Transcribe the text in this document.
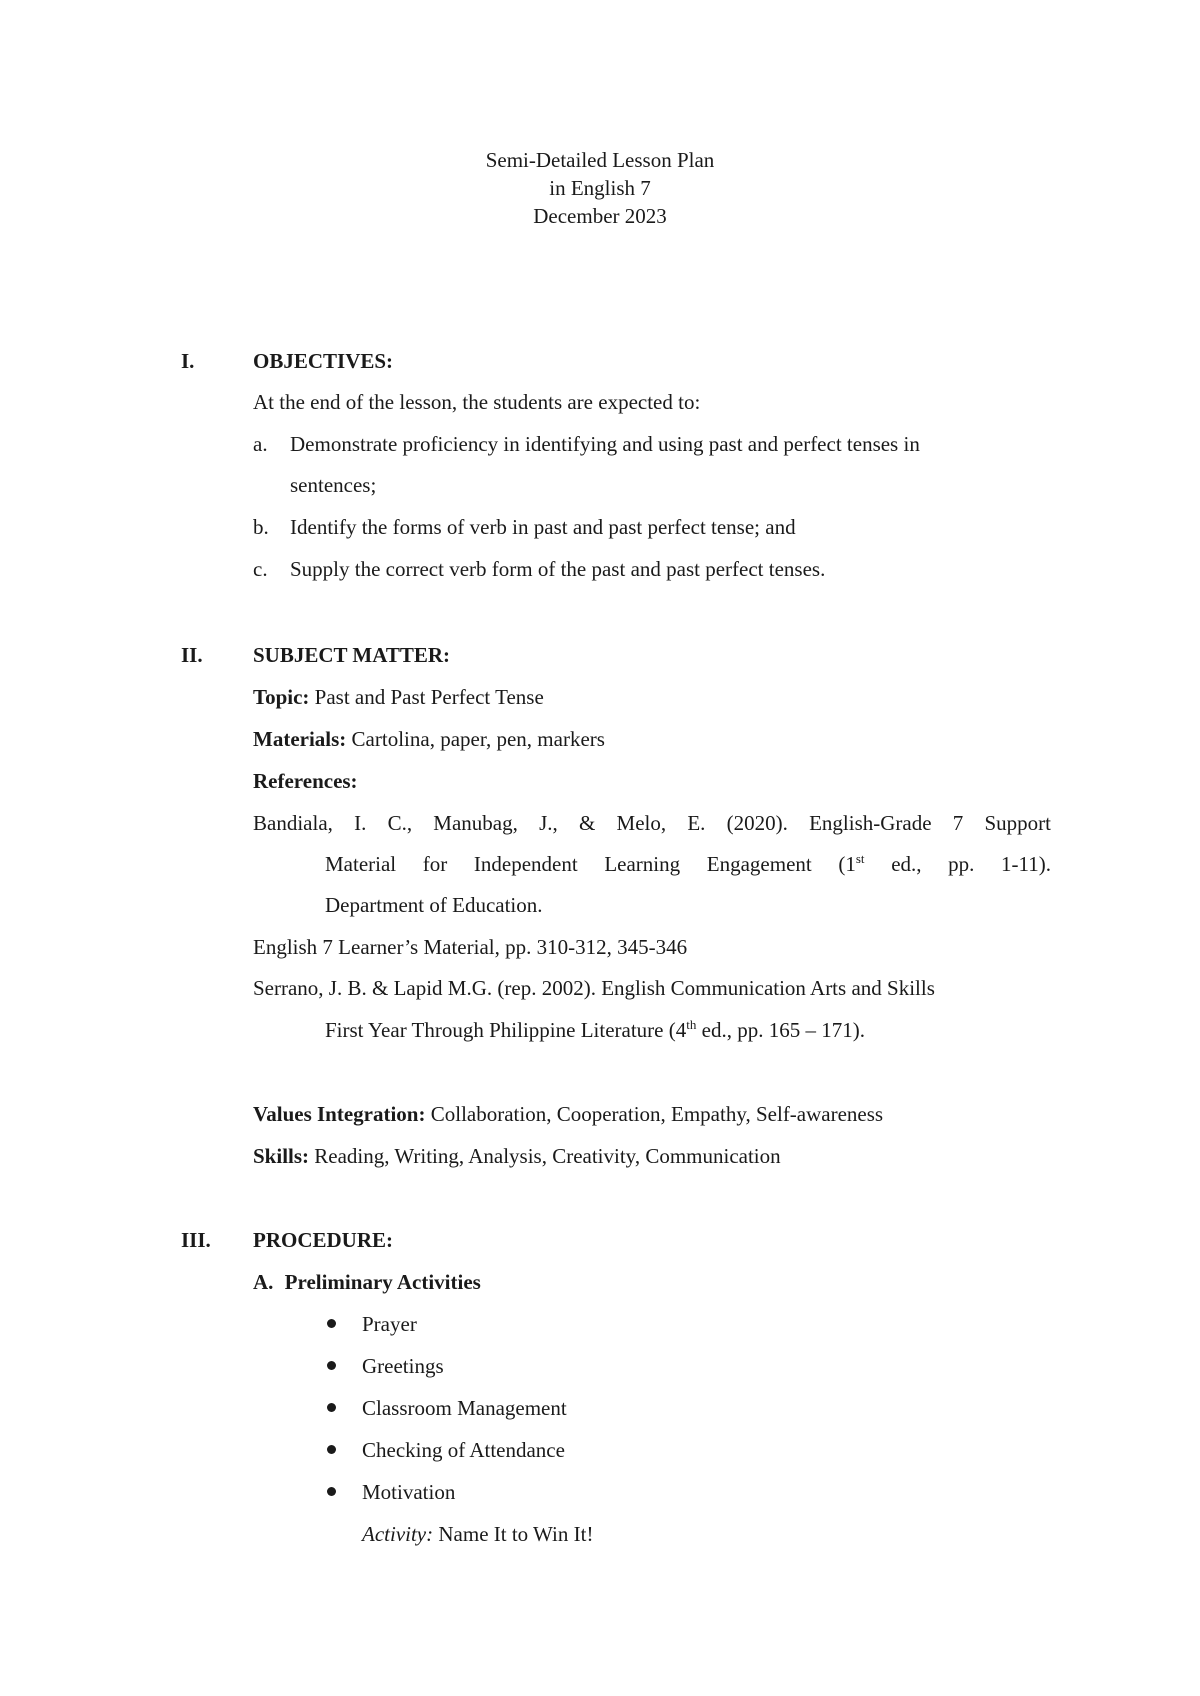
Semi-Detailed Lesson Plan
in English 7
December 2023
I.	OBJECTIVES:
At the end of the lesson, the students are expected to:
a. Demonstrate proficiency in identifying and using past and perfect tenses in
sentences;
b. Identify the forms of verb in past and past perfect tense; and
c. Supply the correct verb form of the past and past perfect tenses.
II. SUBJECT MATTER:
Topic: Past and Past Perfect Tense
Materials: Cartolina, paper, pen, markers
References:
Bandiala, I. C., Manubag, J., & Melo, E. (2020). English-Grade 7 Support
Material for Independent Learning Engagement (1st ed., pp. 1-11).
Department of Education.
English 7 Learner’s Material, pp. 310-312, 345-346
Serrano, J. B. & Lapid M.G. (rep. 2002). English Communication Arts and Skills
First Year Through Philippine Literature (4th ed., pp. 165 – 171).
Values Integration: Collaboration, Cooperation, Empathy, Self-awareness
Skills: Reading, Writing, Analysis, Creativity, Communication
III. PROCEDURE:
A. Preliminary Activities
Prayer
Greetings
Classroom Management
Checking of Attendance
Motivation
Activity: Name It to Win It!
